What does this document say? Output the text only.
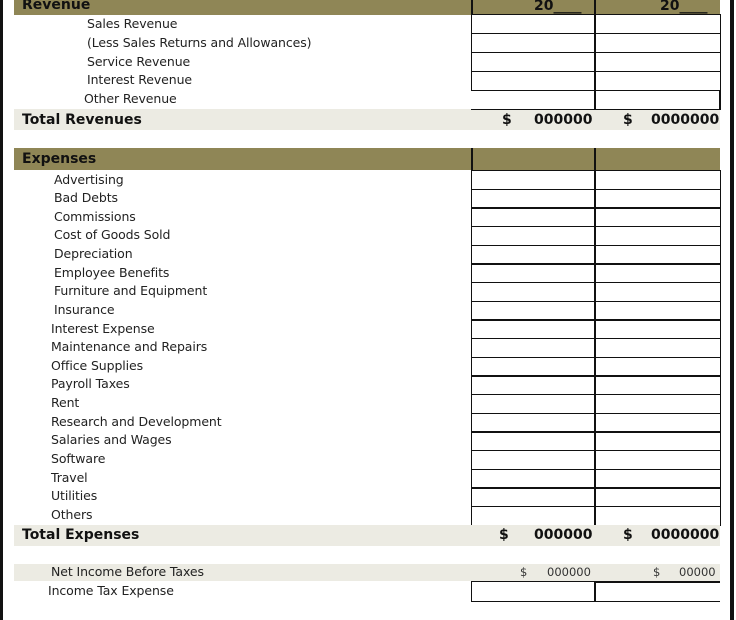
Revenue	20____	20____
Sales Revenue
(Less Sales Returns and Allowances)
Service Revenue
Interest Revenue
Other Revenue
Total Revenues	$ 000000 $ 0000000
Expenses
Advertising
Bad Debts
Commissions
Cost of Goods Sold
Depreciation
Employee Benefits
Furniture and Equipment
Insurance
Interest Expense
Maintenance and Repairs
Office Supplies
Payroll Taxes
Rent
Research and Development
Salaries and Wages
Software
Travel
Utilities
Others
Total Expenses	$ 000000 $ 0000000
Net Income Before Taxes	$ 000000	$ 00000
Income Tax Expense
